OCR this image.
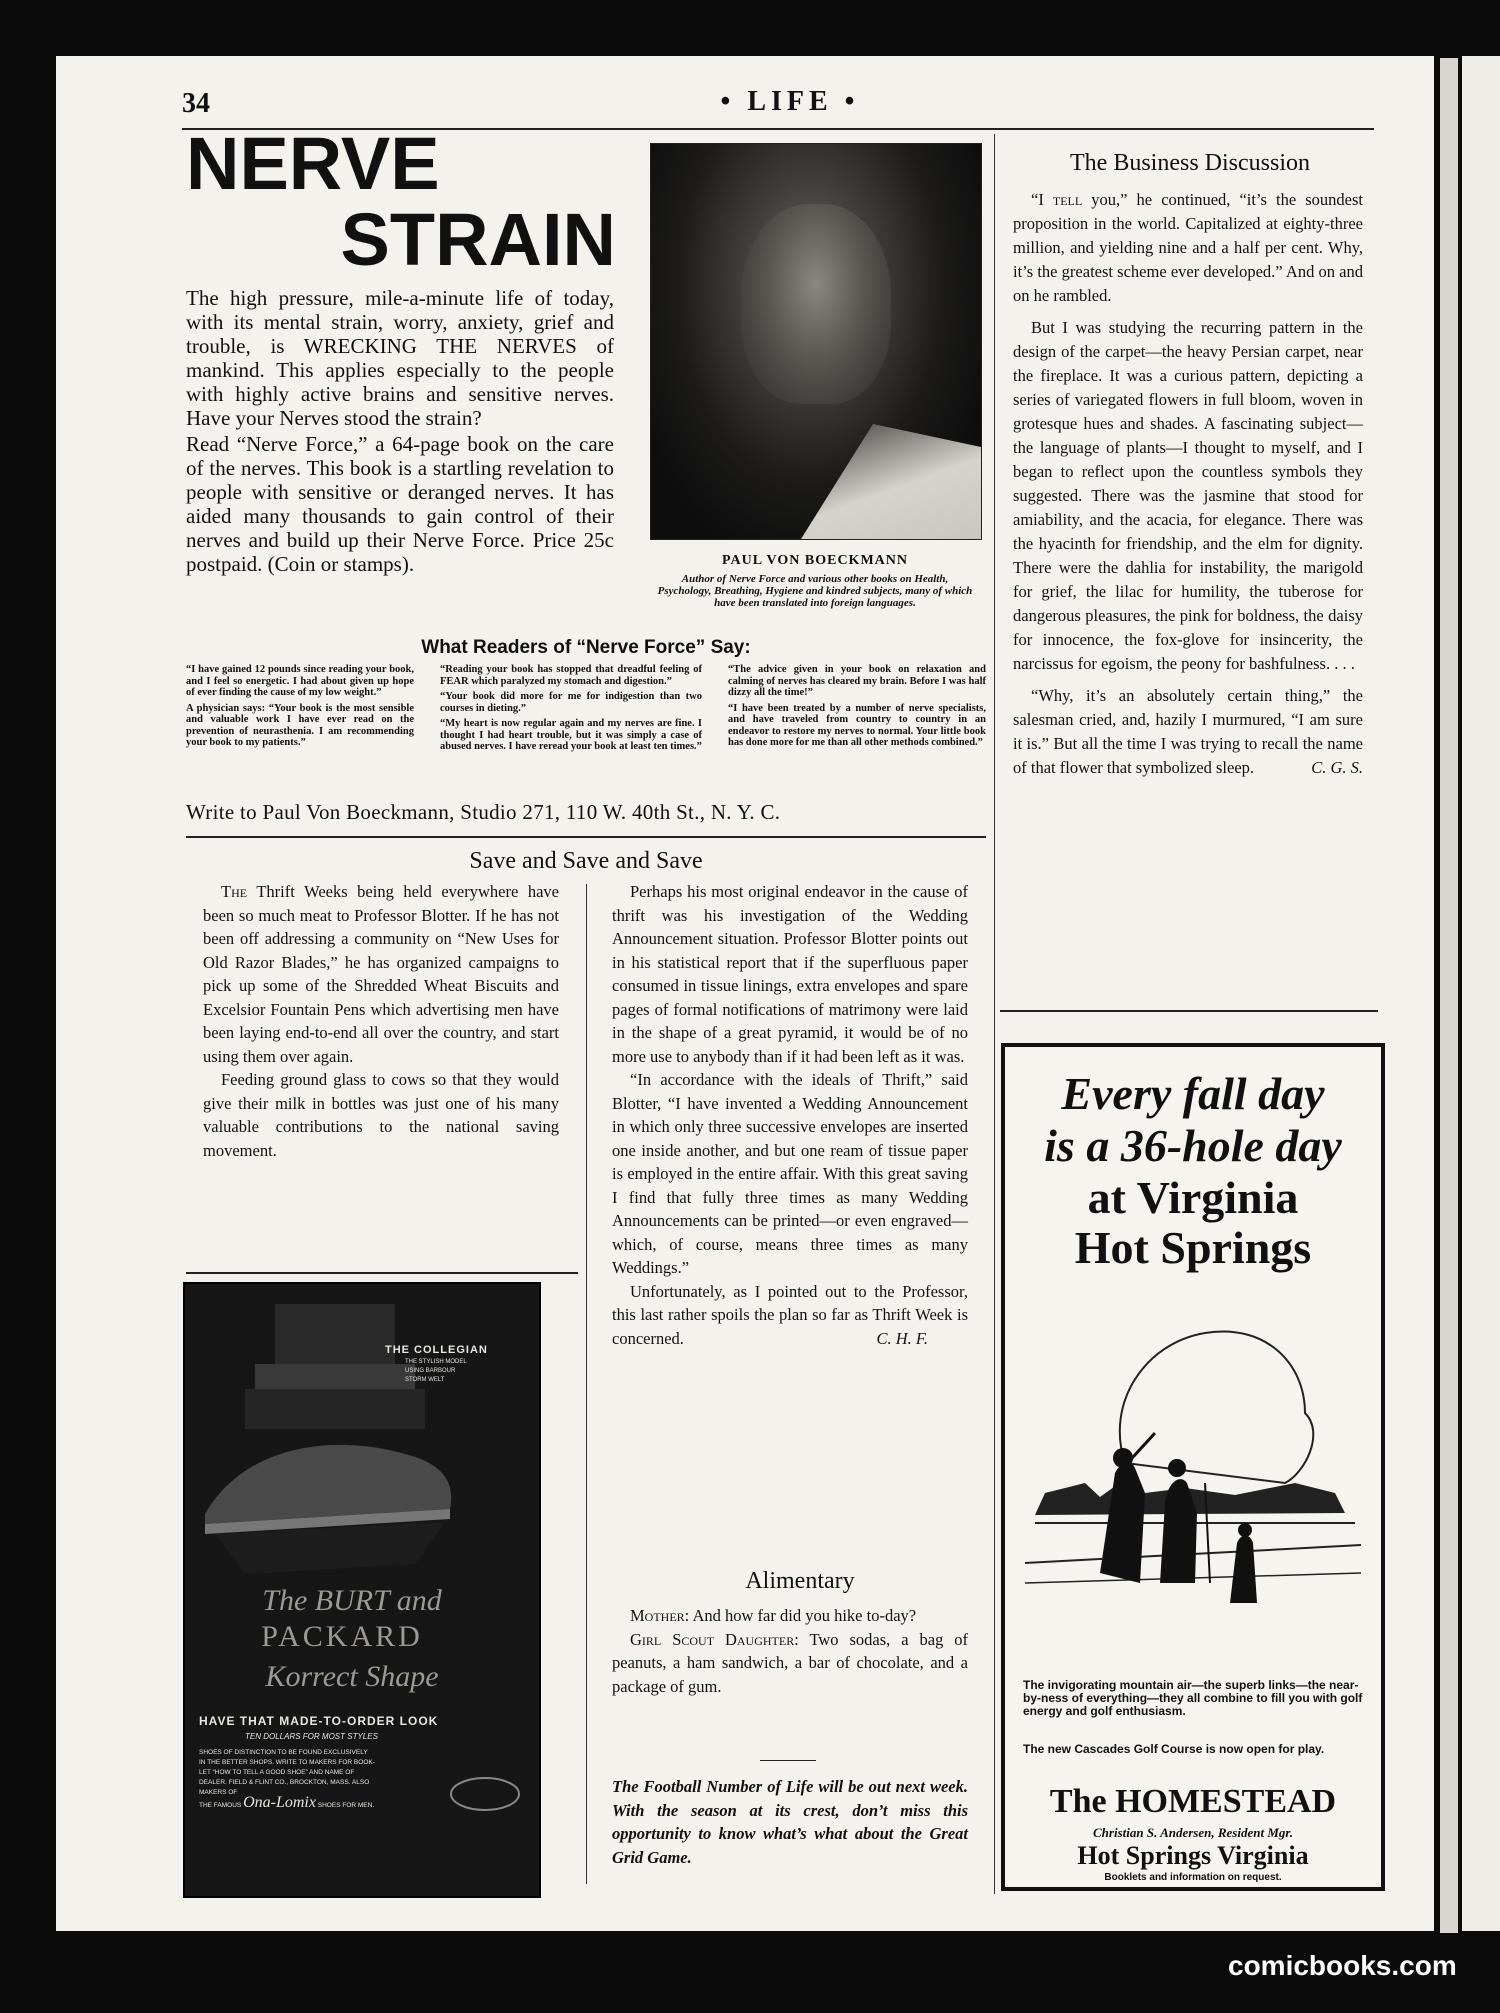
34	• LIFE •
NERVE
STRAIN

The high pressure, mile-a-minute life of today, with its mental strain, worry, anxiety, grief and trouble, is WRECKING THE NERVES of mankind. This applies especially to the people with highly active brains and sensitive nerves. Have your Nerves stood the strain?

Read “Nerve Force,” a 64-page book on the care of the nerves. This book is a startling revelation to people with sensitive or deranged nerves. It has aided many thousands to gain control of their nerves and build up their Nerve Force. Price 25c postpaid. (Coin or stamps).	PAUL VON BOECKMANN
Author of Nerve Force and various other books on Health, Psychology, Breathing, Hygiene and kindred subjects, many of which have been translated into foreign languages.
What Readers of “Nerve Force” Say:

“I have gained 12 pounds since reading your book, and I feel so energetic. I had about given up hope of ever finding the cause of my low weight.”

A physician says: “Your book is the most sensible and valuable work I have ever read on the prevention of neurasthenia. I am recommending your book to my patients.”

“Reading your book has stopped that dreadful feeling of FEAR which paralyzed my stomach and digestion.”

“Your book did more for me for indigestion than two courses in dieting.”

“My heart is now regular again and my nerves are fine. I thought I had heart trouble, but it was simply a case of abused nerves. I have reread your book at least ten times.”

“The advice given in your book on relaxation and calming of nerves has cleared my brain. Before I was half dizzy all the time!”

“I have been treated by a number of nerve specialists, and have traveled from country to country in an endeavor to restore my nerves to normal. Your little book has done more for me than all other methods combined.”

Write to Paul Von Boeckmann, Studio 271, 110 W. 40th St., N. Y. C.
The Business Discussion

“I tell you,” he continued, “it’s the soundest proposition in the world. Capitalized at eighty-three million, and yielding nine and a half per cent. Why, it’s the greatest scheme ever developed.” And on and on he rambled.

But I was studying the recurring pattern in the design of the carpet—the heavy Persian carpet, near the fireplace. It was a curious pattern, depicting a series of variegated flowers in full bloom, woven in grotesque hues and shades. A fascinating subject—the language of plants—I thought to myself, and I began to reflect upon the countless symbols they suggested. There was the jasmine that stood for amiability, and the acacia, for elegance. There was the hyacinth for friendship, and the elm for dignity. There were the dahlia for instability, the marigold for grief, the lilac for humility, the tuberose for dangerous pleasures, the pink for boldness, the daisy for innocence, the fox-glove for insincerity, the narcissus for egoism, the peony for bashfulness. . . .

“Why, it’s an absolutely certain thing,” the salesman cried, and, hazily I murmured, “I am sure it is.” But all the time I was trying to recall the name of that flower that symbolized sleep.	C. G. S.

Save and Save and Save

The Thrift Weeks being held everywhere have been so much meat to Professor Blotter. If he has not been off addressing a community on “New Uses for Old Razor Blades,” he has organized campaigns to pick up some of the Shredded Wheat Biscuits and Excelsior Fountain Pens which advertising men have been laying end-to-end all over the country, and start using them over again.

Feeding ground glass to cows so that they would give their milk in bottles was just one of his many valuable contributions to the national saving movement.

Perhaps his most original endeavor in the cause of thrift was his investigation of the Wedding Announcement situation. Professor Blotter points out in his statistical report that if the superfluous paper consumed in tissue linings, extra envelopes and spare pages of formal notifications of matrimony were laid in the shape of a great pyramid, it would be of no more use to anybody than if it had been left as it was.

“In accordance with the ideals of Thrift,” said Blotter, “I have invented a Wedding Announcement in which only three successive envelopes are inserted one inside another, and but one ream of tissue paper is employed in the entire affair. With this great saving I find that fully three times as many Wedding Announcements can be printed—or even engraved—which, of course, means three times as many Weddings.”

Unfortunately, as I pointed out to the Professor, this last rather spoils the plan so far as Thrift Week is concerned.	C. H. F.

Alimentary

Mother: And how far did you hike to-day?

Girl Scout Daughter: Two sodas, a bag of peanuts, a ham sandwich, a bar of chocolate, and a package of gum.

The Football Number of Life will be out next week. With the season at its crest, don’t miss this opportunity to know what’s what about the Great Grid Game.
THE COLLEGIAN
THE STYLISH MODEL
USING BARBOUR
STORM WELT
The BURT and
PACKARD
Korrect Shape
HAVE THAT MADE-TO-ORDER LOOK
TEN DOLLARS FOR MOST STYLES
SHOES OF DISTINCTION TO BE FOUND EXCLUSIVELY
IN THE BETTER SHOPS. WRITE TO MAKERS FOR BOOK-
LET “HOW TO TELL A GOOD SHOE” AND NAME OF
DEALER. FIELD & FLINT CO., BROCKTON, MASS. ALSO
MAKERS OF
THE FAMOUS Ona-Lomix SHOES FOR MEN.
Every fall day
is a 36-hole day
at Virginia
Hot Springs
The invigorating mountain air—the superb links—the near-by-ness of everything—they all combine to fill you with golf energy and golf enthusiasm.
The new Cascades Golf Course is now open for play.
The HOMESTEAD
Christian S. Andersen, Resident Mgr.
Hot Springs Virginia
Booklets and information on request.
comicbooks.com
